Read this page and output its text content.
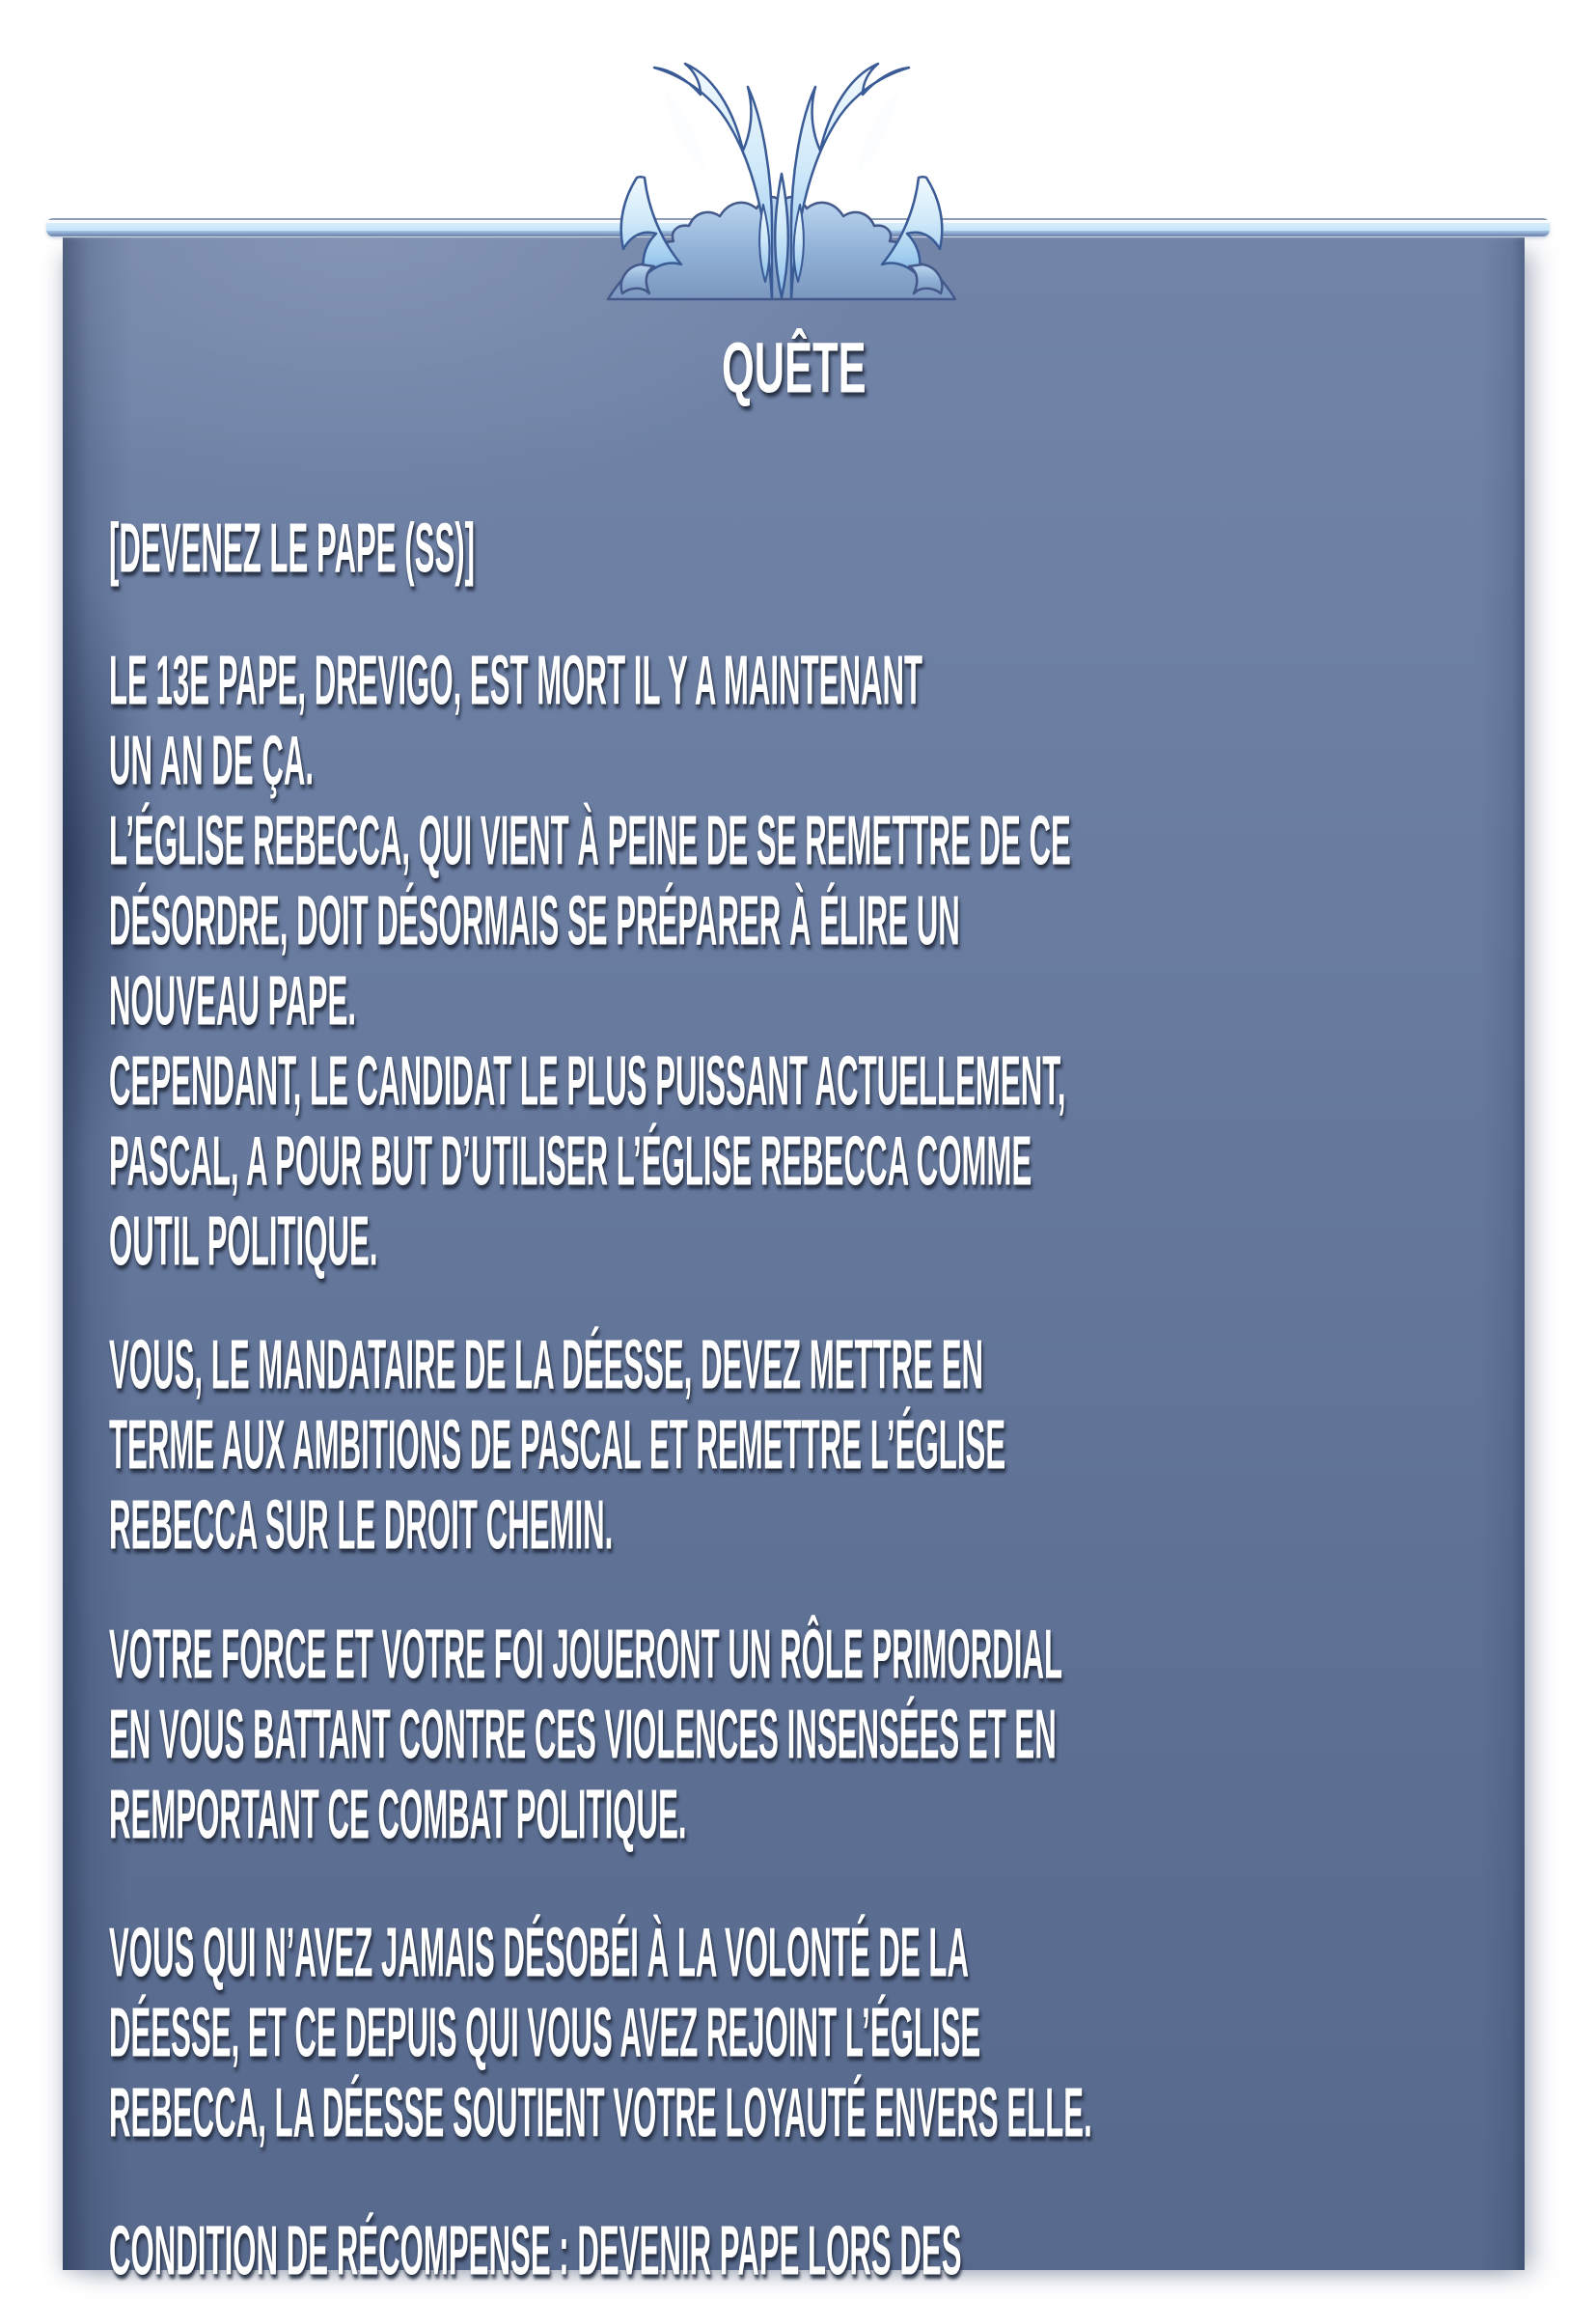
QUÊTE
[DEVENEZ LE PAPE (SS)]
LE 13E PAPE, DREVIGO, EST MORT IL Y A MAINTENANT
UN AN DE ÇA.
L’ÉGLISE REBECCA, QUI VIENT À PEINE DE SE REMETTRE DE CE
DÉSORDRE, DOIT DÉSORMAIS SE PRÉPARER À ÉLIRE UN
NOUVEAU PAPE.
CEPENDANT, LE CANDIDAT LE PLUS PUISSANT ACTUELLEMENT,
PASCAL, A POUR BUT D’UTILISER L’ÉGLISE REBECCA COMME
OUTIL POLITIQUE.
VOUS, LE MANDATAIRE DE LA DÉESSE, DEVEZ METTRE EN
TERME AUX AMBITIONS DE PASCAL ET REMETTRE L’ÉGLISE
REBECCA SUR LE DROIT CHEMIN.
VOTRE FORCE ET VOTRE FOI JOUERONT UN RÔLE PRIMORDIAL
EN VOUS BATTANT CONTRE CES VIOLENCES INSENSÉES ET EN
REMPORTANT CE COMBAT POLITIQUE.
VOUS QUI N’AVEZ JAMAIS DÉSOBÉI À LA VOLONTÉ DE LA
DÉESSE, ET CE DEPUIS QUI VOUS AVEZ REJOINT L’ÉGLISE
REBECCA, LA DÉESSE SOUTIENT VOTRE LOYAUTÉ ENVERS ELLE.
CONDITION DE RÉCOMPENSE : DEVENIR PAPE LORS DES
